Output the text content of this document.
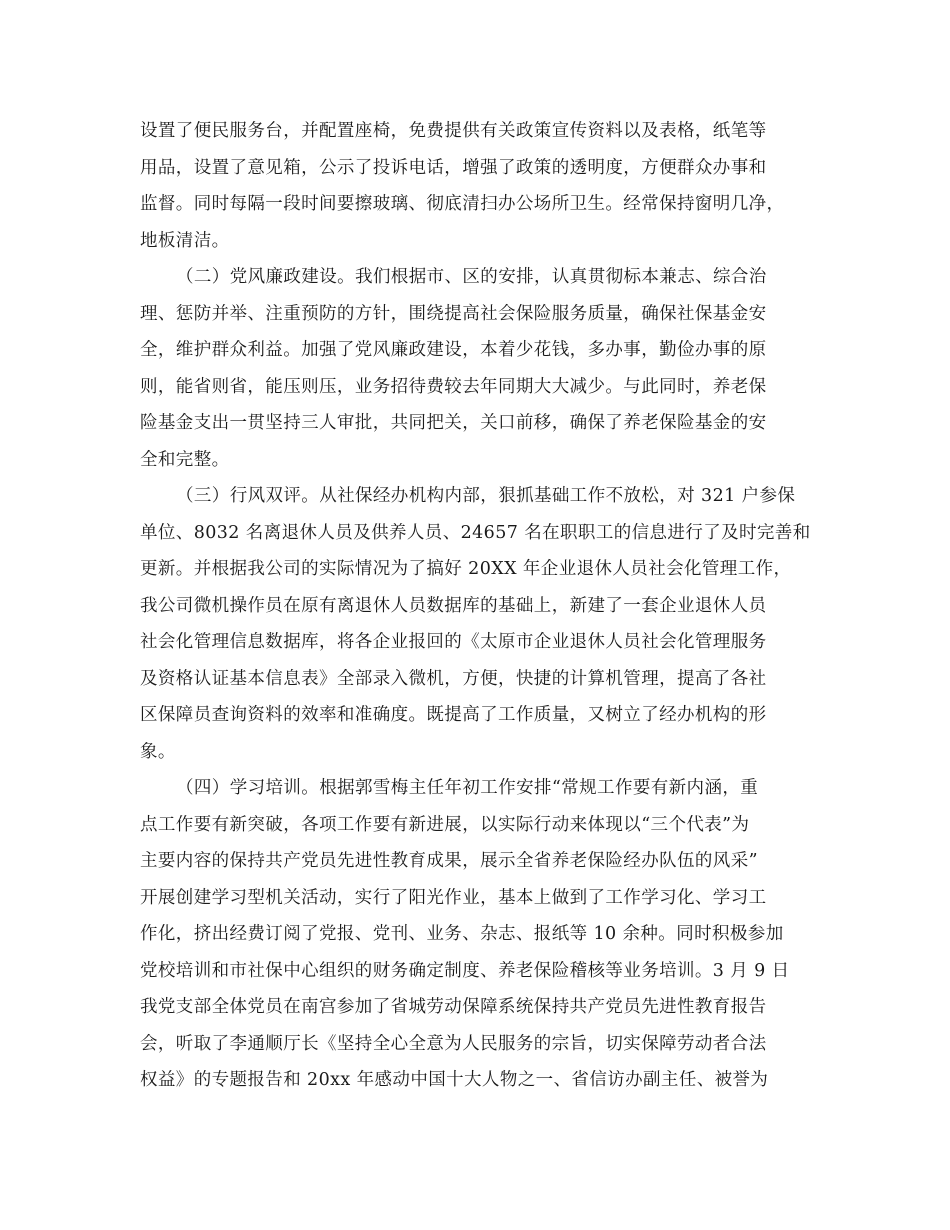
设置了便民服务台，并配置座椅，免费提供有关政策宣传资料以及表格，纸笔等
用品，设置了意见箱，公示了投诉电话，增强了政策的透明度，方便群众办事和
监督。同时每隔一段时间要擦玻璃、彻底清扫办公场所卫生。经常保持窗明几净，
地板清洁。
（二）党风廉政建设。我们根据市、区的安排，认真贯彻标本兼志、综合治
理、惩防并举、注重预防的方针，围绕提高社会保险服务质量，确保社保基金安
全，维护群众利益。加强了党风廉政建设，本着少花钱，多办事，勤俭办事的原
则，能省则省，能压则压，业务招待费较去年同期大大减少。与此同时，养老保
险基金支出一贯坚持三人审批，共同把关，关口前移，确保了养老保险基金的安
全和完整。
（三）行风双评。从社保经办机构内部，狠抓基础工作不放松，对 321 户参保
单位、8032 名离退休人员及供养人员、24657 名在职职工的信息进行了及时完善和
更新。并根据我公司的实际情况为了搞好 20XX 年企业退休人员社会化管理工作，
我公司微机操作员在原有离退休人员数据库的基础上，新建了一套企业退休人员
社会化管理信息数据库，将各企业报回的《太原市企业退休人员社会化管理服务
及资格认证基本信息表》全部录入微机，方便，快捷的计算机管理，提高了各社
区保障员查询资料的效率和准确度。既提高了工作质量，又树立了经办机构的形
象。
（四）学习培训。根据郭雪梅主任年初工作安排“常规工作要有新内涵，重
点工作要有新突破，各项工作要有新进展，以实际行动来体现以“三个代表”为
主要内容的保持共产党员先进性教育成果，展示全省养老保险经办队伍的风采”
开展创建学习型机关活动，实行了阳光作业，基本上做到了工作学习化、学习工
作化，挤出经费订阅了党报、党刊、业务、杂志、报纸等 10 余种。同时积极参加
党校培训和市社保中心组织的财务确定制度、养老保险稽核等业务培训。3 月 9 日
我党支部全体党员在南宫参加了省城劳动保障系统保持共产党员先进性教育报告
会，听取了李通顺厅长《坚持全心全意为人民服务的宗旨，切实保障劳动者合法
权益》的专题报告和 20xx 年感动中国十大人物之一、省信访办副主任、被誉为
